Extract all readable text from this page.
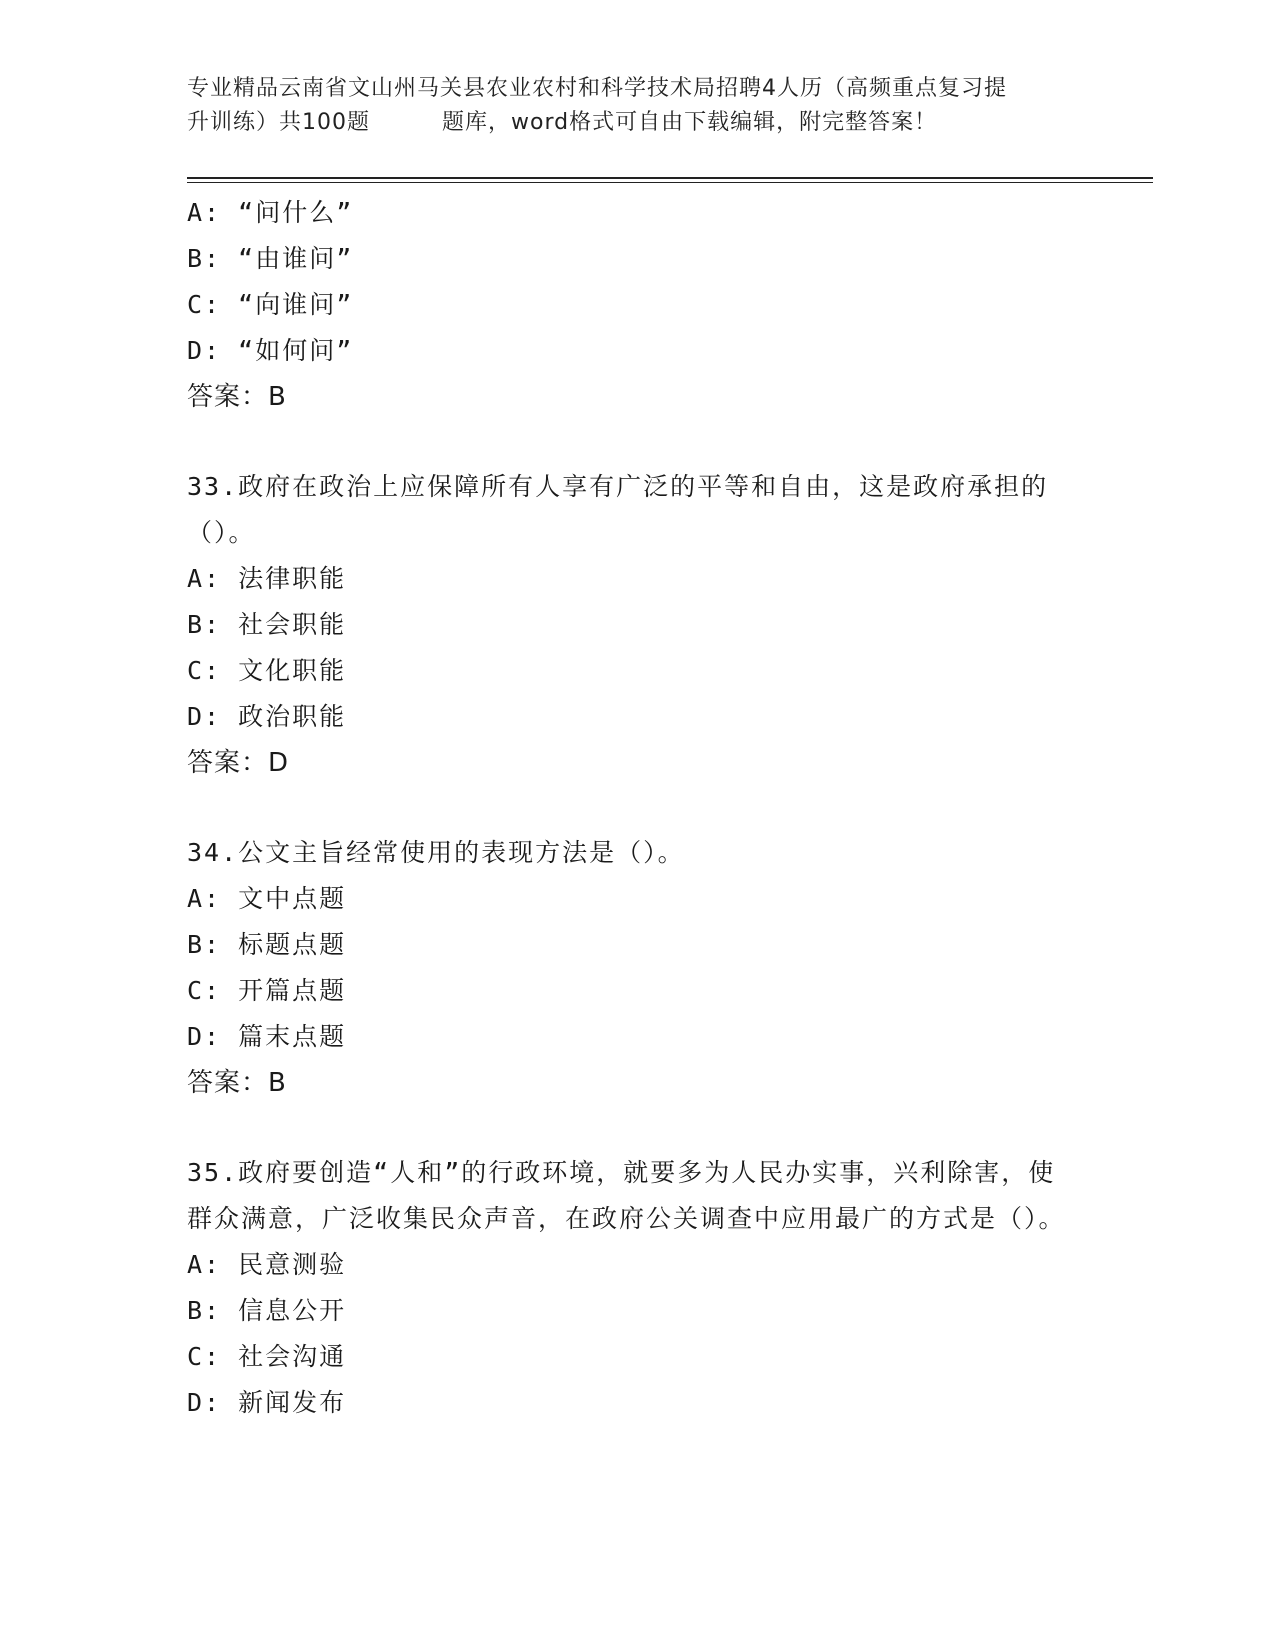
专业精品云南省文山州马关县农业农村和科学技术局招聘4人历（高频重点复习提
升训练）共100题	题库，word格式可自由下载编辑，附完整答案！
A: “问什么”
B: “由谁问”
C: “向谁问”
D: “如何问”
答案：B
33.政府在政治上应保障所有人享有广泛的平等和自由，这是政府承担的（）。
A: 法律职能
B: 社会职能
C: 文化职能
D: 政治职能
答案：D
34.公文主旨经常使用的表现方法是（）。
A: 文中点题
B: 标题点题
C: 开篇点题
D: 篇末点题
答案：B
35.政府要创造“人和”的行政环境，就要多为人民办实事，兴利除害，使群众满意，广泛收集民众声音，在政府公关调查中应用最广的方式是（）。
A: 民意测验
B: 信息公开
C: 社会沟通
D: 新闻发布
